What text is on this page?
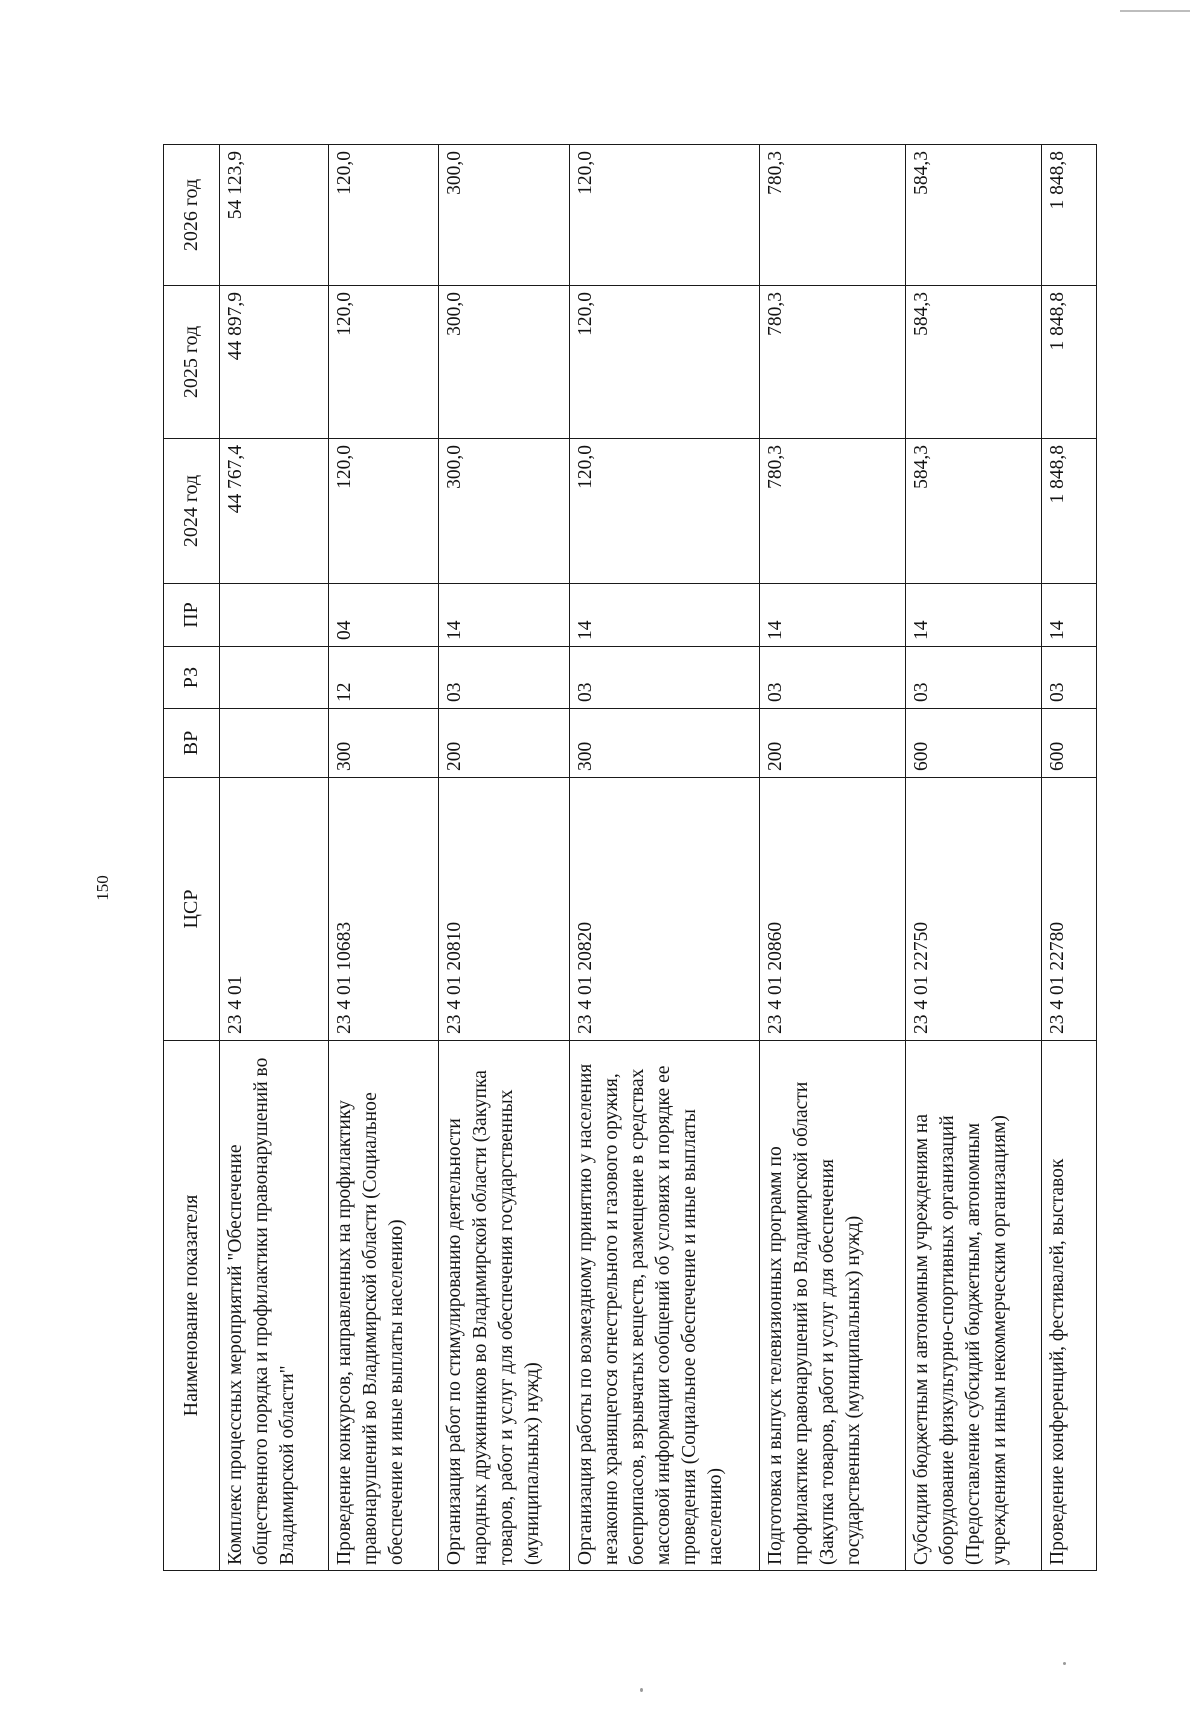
150
Наименование показателя	ЦСР	ВР	РЗ	ПР	2024 год	2025 год	2026 год
Комплекс процессных мероприятий "Обеспечение общественного порядка и профилактики правонарушений во Владимирской области"	23 4 01				44 767,4	44 897,9	54 123,9
Проведение конкурсов, направленных на профилактику правонарушений во Владимирской области (Социальное обеспечение и иные выплаты населению)	23 4 01 10683	300	12	04	120,0	120,0	120,0
Организация работ по стимулированию деятельности народных дружинников во Владимирской области (Закупка товаров, работ и услуг для обеспечения государственных (муниципальных) нужд)	23 4 01 20810	200	03	14	300,0	300,0	300,0
Организация работы по возмездному принятию у населения незаконно хранящегося огнестрельного и газового оружия, боеприпасов, взрывчатых веществ, размещение в средствах массовой информации сообщений об условиях и порядке ее проведения (Социальное обеспечение и иные выплаты населению)	23 4 01 20820	300	03	14	120,0	120,0	120,0
Подготовка и выпуск телевизионных программ по профилактике правонарушений во Владимирской области (Закупка товаров, работ и услуг для обеспечения государственных (муниципальных) нужд)	23 4 01 20860	200	03	14	780,3	780,3	780,3
Субсидии бюджетным и автономным учреждениям на оборудование физкультурно-спортивных организаций (Предоставление субсидий бюджетным, автономным учреждениям и иным некоммерческим организациям)	23 4 01 22750	600	03	14	584,3	584,3	584,3
Проведение конференций, фестивалей, выставок	23 4 01 22780	600	03	14	1 848,8	1 848,8	1 848,8
